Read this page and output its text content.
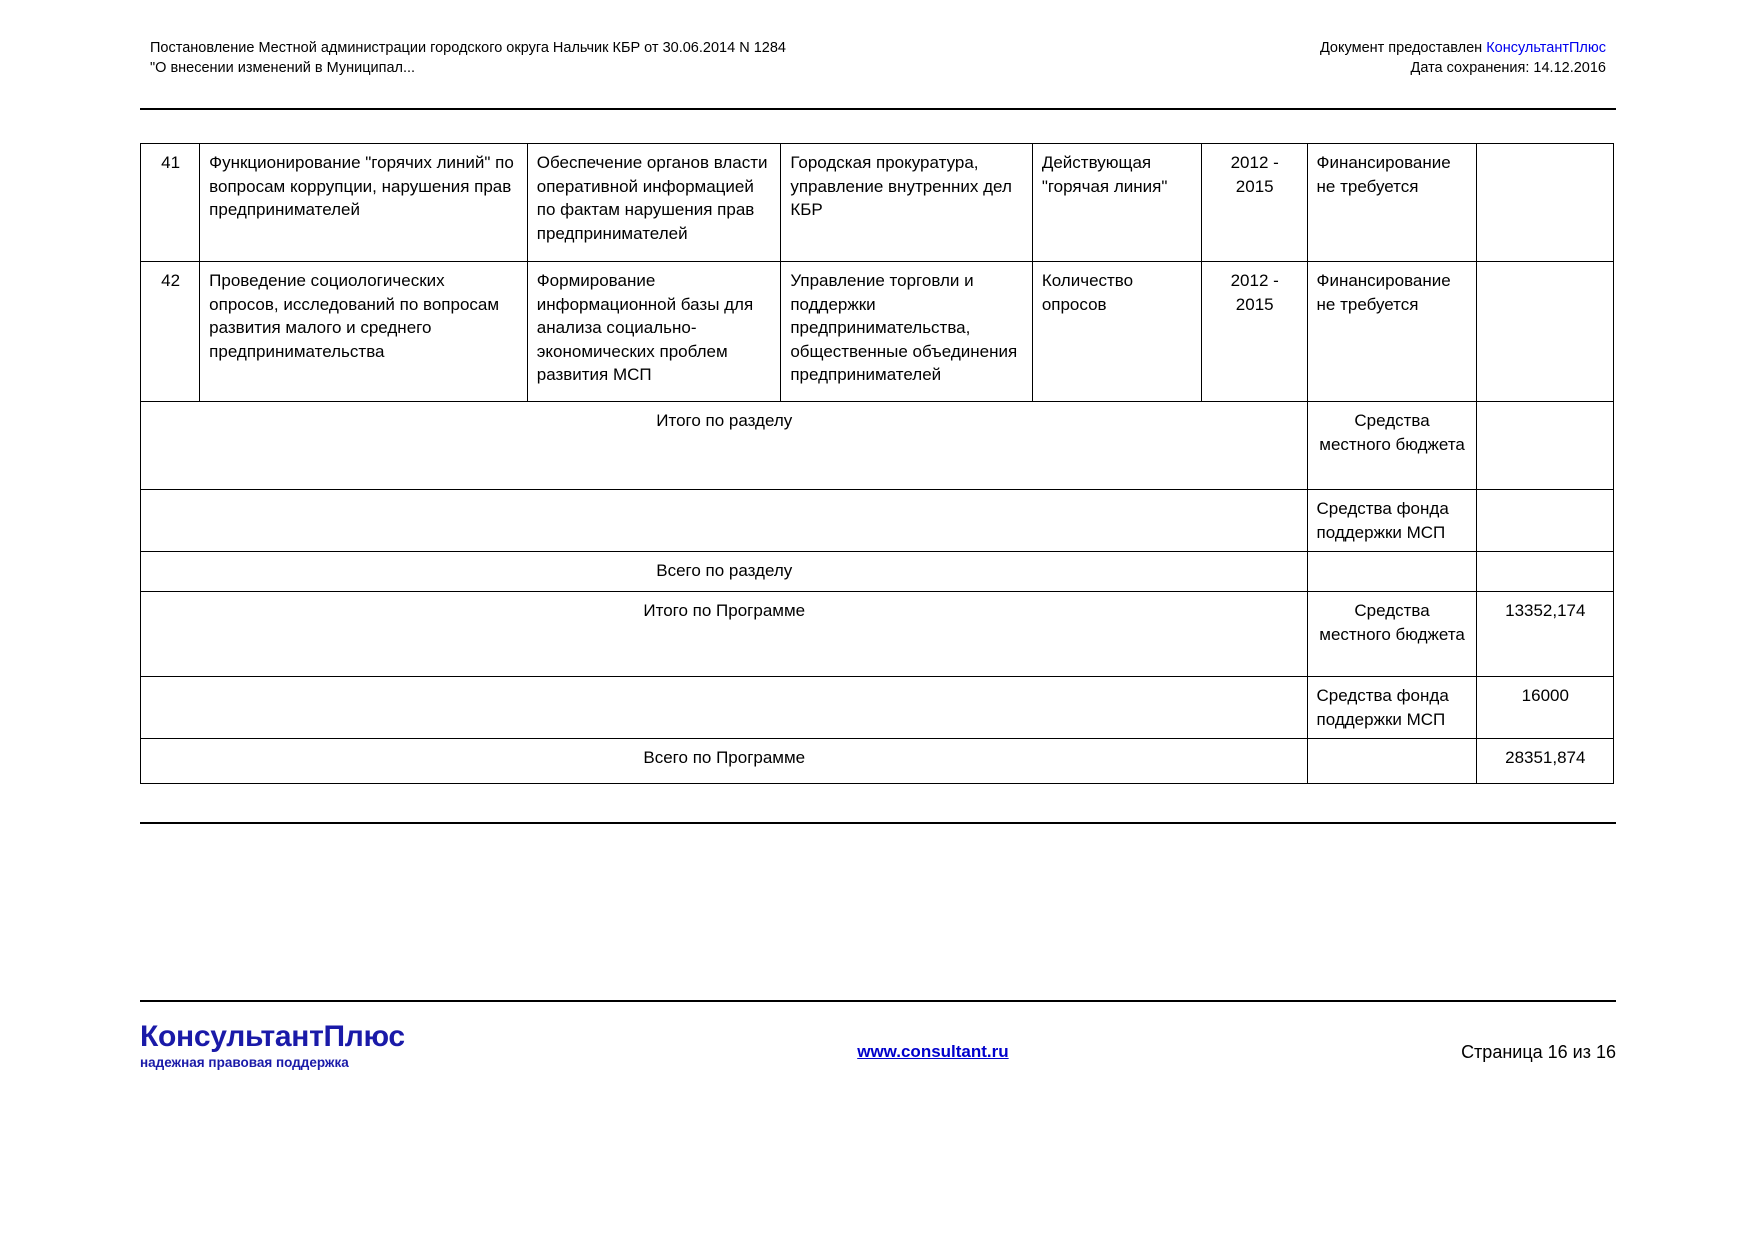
Постановление Местной администрации городского округа Нальчик КБР от 30.06.2014 N 1284
"О внесении изменений в Муниципал...
Документ предоставлен КонсультантПлюс
Дата сохранения: 14.12.2016
41	Функционирование "горячих линий" по вопросам коррупции, нарушения прав предпринимателей	Обеспечение органов власти оперативной информацией по фактам нарушения прав предпринимателей	Городская прокуратура, управление внутренних дел КБР	Действующая "горячая линия"	2012 - 2015	Финансирование не требуется	
42	Проведение социологических опросов, исследований по вопросам развития малого и среднего предпринимательства	Формирование информационной базы для анализа социально-экономических проблем развития МСП	Управление торговли и поддержки предпринимательства, общественные объединения предпринимателей	Количество опросов	2012 - 2015	Финансирование не требуется	
Итого по разделу						Средства местного бюджета	
						Средства фонда поддержки МСП	
Всего по разделу							
Итого по Программе						Средства местного бюджета	13352,174
						Средства фонда поддержки МСП	16000
Всего по Программе							28351,874
КонсультантПлюс
надежная правовая поддержка
www.consultant.ru	Страница 16 из 16
